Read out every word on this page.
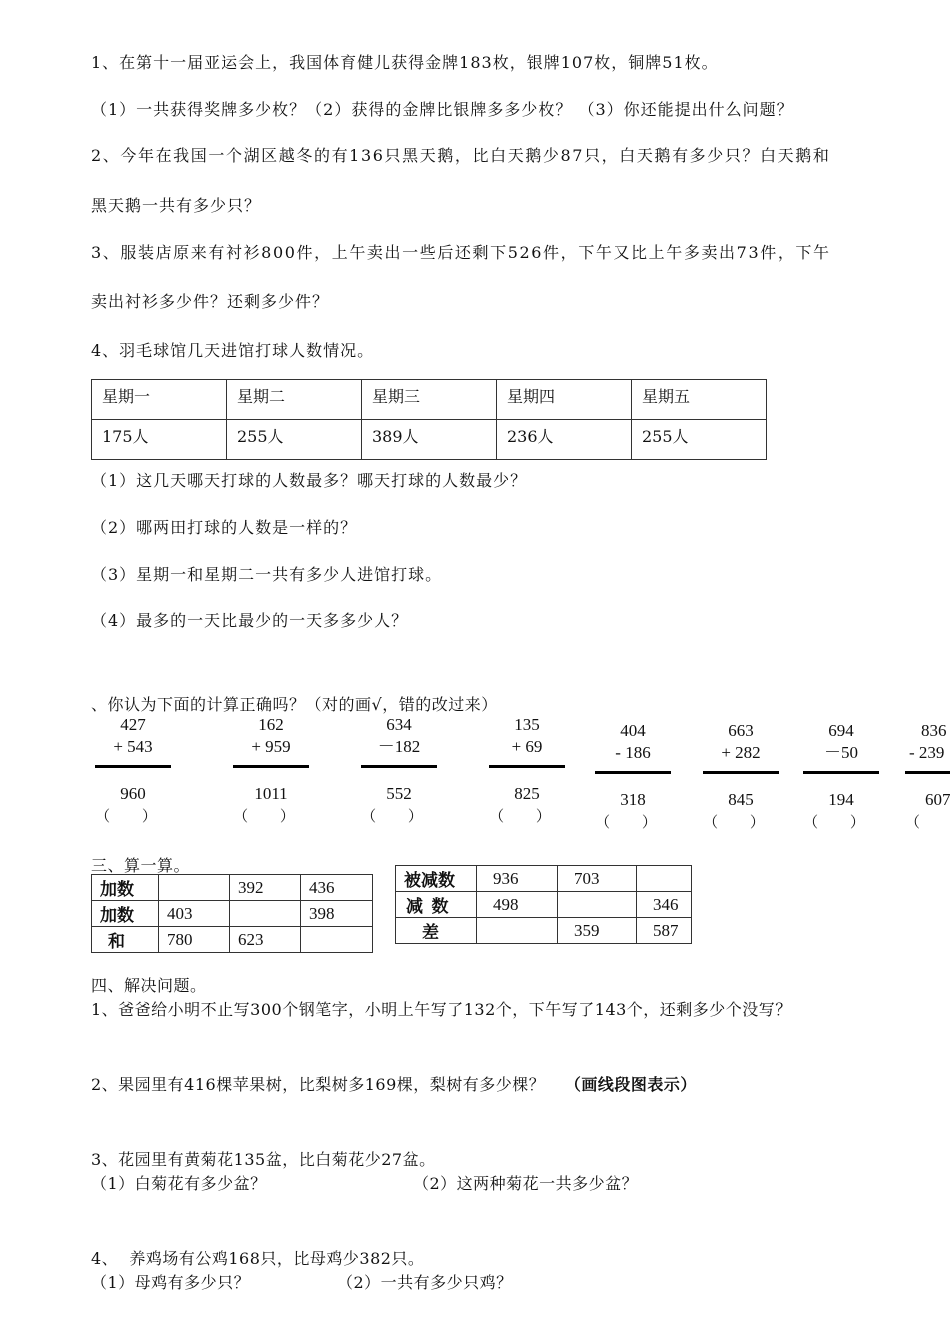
1、在第十一届亚运会上，我国体育健儿获得金牌183枚，银牌107枚，铜牌51枚。
（1）一共获得奖牌多少枚？（2）获得的金牌比银牌多多少枚？ （3）你还能提出什么问题？
2、今年在我国一个湖区越冬的有136只黑天鹅，比白天鹅少87只，白天鹅有多少只？白天鹅和
黑天鹅一共有多少只？
3、服装店原来有衬衫800件，上午卖出一些后还剩下526件，下午又比上午多卖出73件，下午
卖出衬衫多少件？还剩多少件？
4、羽毛球馆几天进馆打球人数情况。
星期一	星期二	星期三	星期四	星期五
175人	255人	389人	236人	255人
（1）这几天哪天打球的人数最多？哪天打球的人数最少？
（2）哪两田打球的人数是一样的？
（3）星期一和星期二一共有多少人进馆打球。
（4）最多的一天比最少的一天多多少人？
、你认为下面的计算正确吗？（对的画√，错的改过来）
427
+ 543
960
（ ）
162
+ 959
1011
（ ）
634
－182
552
（ ）
135
+ 69
825
（ ）
404
- 186
318
（ ）
663
+ 282
845
（ ）
694
－50
194
（ ）
836
- 239
607
（
三、算一算。
加数		392	436
加数	403		398
和	780	623	
被减数	936	703	
减  数	498		346
差		359	587
四、解决问题。
1、爸爸给小明不止写300个钢笔字，小明上午写了132个，下午写了143个，还剩多少个没写？
2、果园里有416棵苹果树，比梨树多169棵，梨树有多少棵？ （画线段图表示）
3、花园里有黄菊花135盆，比白菊花少27盆。
（1）白菊花有多少盆？	（2）这两种菊花一共多少盆？
4、  养鸡场有公鸡168只，比母鸡少382只。
（1）母鸡有多少只？	（2）一共有多少只鸡？
